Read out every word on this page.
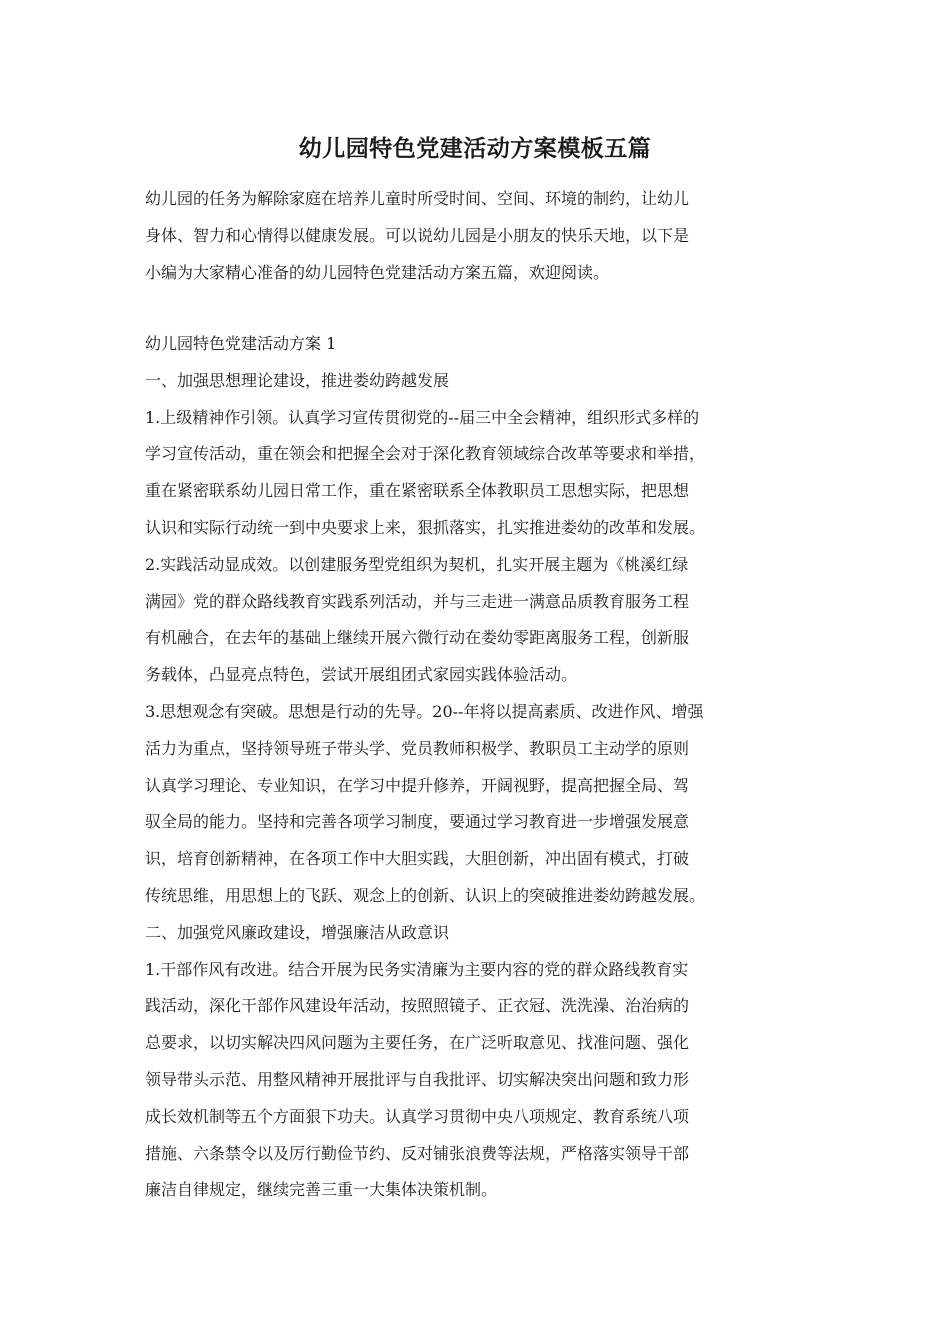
幼儿园特色党建活动方案模板五篇
幼儿园的任务为解除家庭在培养儿童时所受时间、空间、环境的制约，让幼儿
身体、智力和心情得以健康发展。可以说幼儿园是小朋友的快乐天地，以下是
小编为大家精心准备的幼儿园特色党建活动方案五篇，欢迎阅读。
幼儿园特色党建活动方案 1
一、加强思想理论建设，推进娄幼跨越发展
1.上级精神作引领。认真学习宣传贯彻党的--届三中全会精神，组织形式多样的
学习宣传活动，重在领会和把握全会对于深化教育领域综合改革等要求和举措，
重在紧密联系幼儿园日常工作，重在紧密联系全体教职员工思想实际，把思想
认识和实际行动统一到中央要求上来，狠抓落实，扎实推进娄幼的改革和发展。
2.实践活动显成效。以创建服务型党组织为契机，扎实开展主题为《桃溪红绿
满园》党的群众路线教育实践系列活动，并与三走进一满意品质教育服务工程
有机融合，在去年的基础上继续开展六微行动在娄幼零距离服务工程，创新服
务载体，凸显亮点特色，尝试开展组团式家园实践体验活动。
3.思想观念有突破。思想是行动的先导。20--年将以提高素质、改进作风、增强
活力为重点，坚持领导班子带头学、党员教师积极学、教职员工主动学的原则
认真学习理论、专业知识，在学习中提升修养，开阔视野，提高把握全局、驾
驭全局的能力。坚持和完善各项学习制度，要通过学习教育进一步增强发展意
识，培育创新精神，在各项工作中大胆实践，大胆创新，冲出固有模式，打破
传统思维，用思想上的飞跃、观念上的创新、认识上的突破推进娄幼跨越发展。
二、加强党风廉政建设，增强廉洁从政意识
1.干部作风有改进。结合开展为民务实清廉为主要内容的党的群众路线教育实
践活动，深化干部作风建设年活动，按照照镜子、正衣冠、洗洗澡、治治病的
总要求，以切实解决四风问题为主要任务，在广泛听取意见、找准问题、强化
领导带头示范、用整风精神开展批评与自我批评、切实解决突出问题和致力形
成长效机制等五个方面狠下功夫。认真学习贯彻中央八项规定、教育系统八项
措施、六条禁令以及厉行勤俭节约、反对铺张浪费等法规，严格落实领导干部
廉洁自律规定，继续完善三重一大集体决策机制。
